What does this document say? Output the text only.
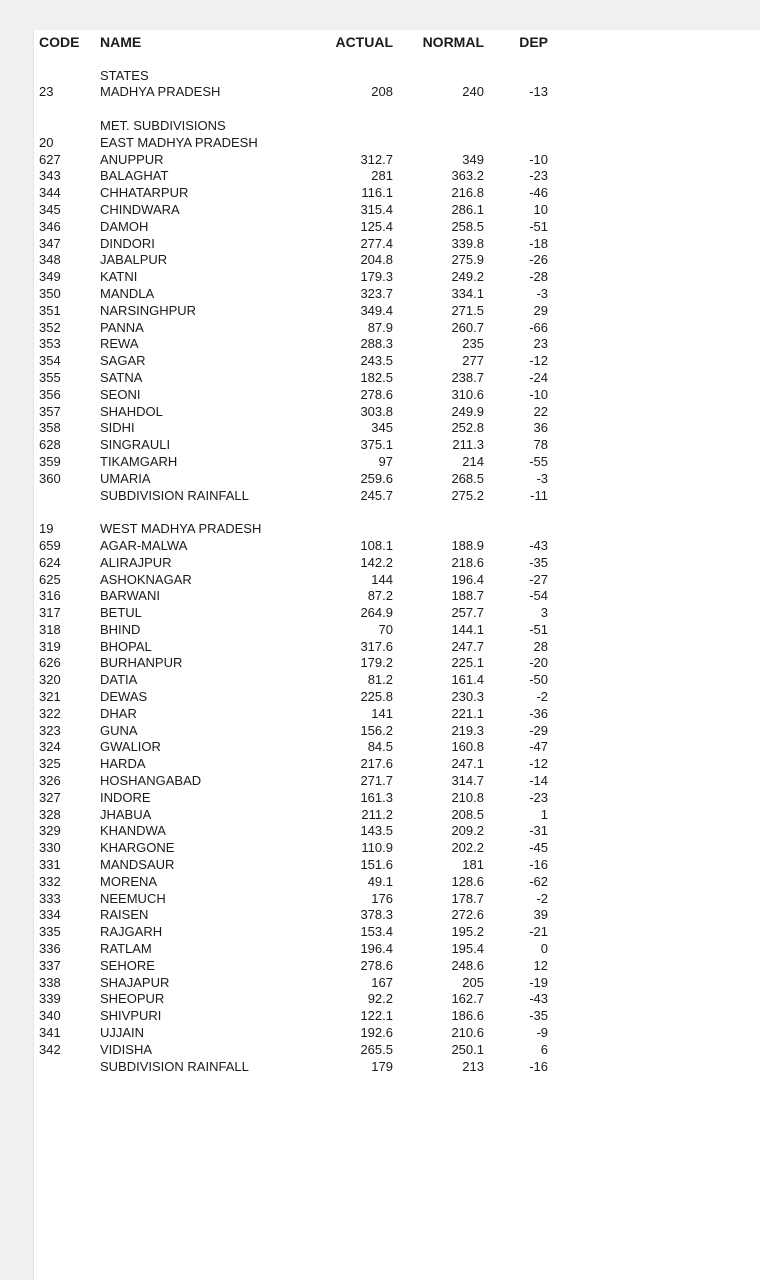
CODE	NAME	ACTUAL	NORMAL	DEP
STATES
23	MADHYA PRADESH	208	240	-13
MET. SUBDIVISIONS
20	EAST MADHYA PRADESH
627	ANUPPUR	312.7	349	-10
343	BALAGHAT	281	363.2	-23
344	CHHATARPUR	116.1	216.8	-46
345	CHINDWARA	315.4	286.1	10
346	DAMOH	125.4	258.5	-51
347	DINDORI	277.4	339.8	-18
348	JABALPUR	204.8	275.9	-26
349	KATNI	179.3	249.2	-28
350	MANDLA	323.7	334.1	-3
351	NARSINGHPUR	349.4	271.5	29
352	PANNA	87.9	260.7	-66
353	REWA	288.3	235	23
354	SAGAR	243.5	277	-12
355	SATNA	182.5	238.7	-24
356	SEONI	278.6	310.6	-10
357	SHAHDOL	303.8	249.9	22
358	SIDHI	345	252.8	36
628	SINGRAULI	375.1	211.3	78
359	TIKAMGARH	97	214	-55
360	UMARIA	259.6	268.5	-3
SUBDIVISION RAINFALL	245.7	275.2	-11
19	WEST MADHYA PRADESH
659	AGAR-MALWA	108.1	188.9	-43
624	ALIRAJPUR	142.2	218.6	-35
625	ASHOKNAGAR	144	196.4	-27
316	BARWANI	87.2	188.7	-54
317	BETUL	264.9	257.7	3
318	BHIND	70	144.1	-51
319	BHOPAL	317.6	247.7	28
626	BURHANPUR	179.2	225.1	-20
320	DATIA	81.2	161.4	-50
321	DEWAS	225.8	230.3	-2
322	DHAR	141	221.1	-36
323	GUNA	156.2	219.3	-29
324	GWALIOR	84.5	160.8	-47
325	HARDA	217.6	247.1	-12
326	HOSHANGABAD	271.7	314.7	-14
327	INDORE	161.3	210.8	-23
328	JHABUA	211.2	208.5	1
329	KHANDWA	143.5	209.2	-31
330	KHARGONE	110.9	202.2	-45
331	MANDSAUR	151.6	181	-16
332	MORENA	49.1	128.6	-62
333	NEEMUCH	176	178.7	-2
334	RAISEN	378.3	272.6	39
335	RAJGARH	153.4	195.2	-21
336	RATLAM	196.4	195.4	0
337	SEHORE	278.6	248.6	12
338	SHAJAPUR	167	205	-19
339	SHEOPUR	92.2	162.7	-43
340	SHIVPURI	122.1	186.6	-35
341	UJJAIN	192.6	210.6	-9
342	VIDISHA	265.5	250.1	6
SUBDIVISION RAINFALL	179	213	-16
